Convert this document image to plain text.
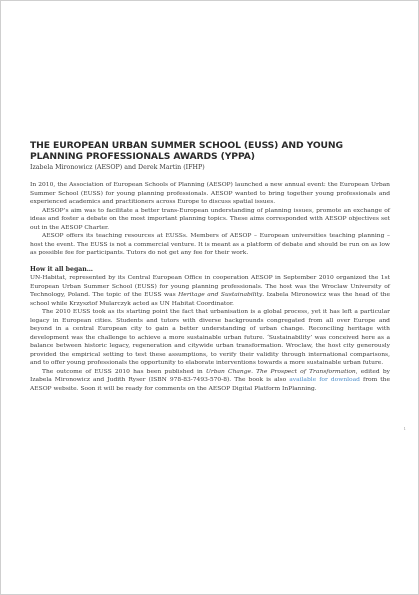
THE EUROPEAN URBAN SUMMER SCHOOL (EUSS) AND YOUNG PLANNING PROFESSIONALS AWARDS (YPPA)

Izabela Mironowicz (AESOP) and Derek Martin (IFHP)

In 2010, the Association of European Schools of Planning (AESOP) launched a new annual event: the European Urban Summer School (EUSS) for young planning professionals. AESOP wanted to bring together young professionals and experienced academics and practitioners across Europe to discuss spatial issues.

AESOP’s aim was to facilitate a better trans-European understanding of planning issues, promote an exchange of ideas and foster a debate on the most important planning topics. These aims corresponded with AESOP objectives set out in the AESOP Charter.

AESOP offers its teaching resources at EUSSs. Members of AESOP – European universities teaching planning – host the event. The EUSS is not a commercial venture. It is meant as a platform of debate and should be run on as low as possible fee for participants. Tutors do not get any fee for their work.

How it all began…

UN-Habitat, represented by its Central European Office in cooperation AESOP in September 2010 organized the 1st European Urban Summer School (EUSS) for young planning professionals. The host was the Wroclaw University of Technology, Poland. The topic of the EUSS was Heritage and Sustainability. Izabela Mironowicz was the head of the school while Krzysztof Mularczyk acted as UN Habitat Coordinator.

The 2010 EUSS took as its starting point the fact that urbanisation is a global process, yet it has left a particular legacy in European cities. Students and tutors with diverse backgrounds congregated from all over Europe and beyond in a central European city to gain a better understanding of urban change. Reconciling heritage with development was the challenge to achieve a more sustainable urban future. ‘Sustainability’ was conceived here as a balance between historic legacy, regeneration and citywide urban transformation. Wroclaw, the host city generously provided the empirical setting to test these assumptions, to verify their validity through international comparisons, and to offer young professionals the opportunity to elaborate interventions towards a more sustainable urban future.

The outcome of EUSS 2010 has been published in Urban Change. The Prospect of Transformation, edited by Izabela Mironowicz and Judith Ryser (ISBN 978-83-7493-570-8). The book is also available for download from the AESOP website. Soon it will be ready for comments on the AESOP Digital Platform InPlanning.

1
